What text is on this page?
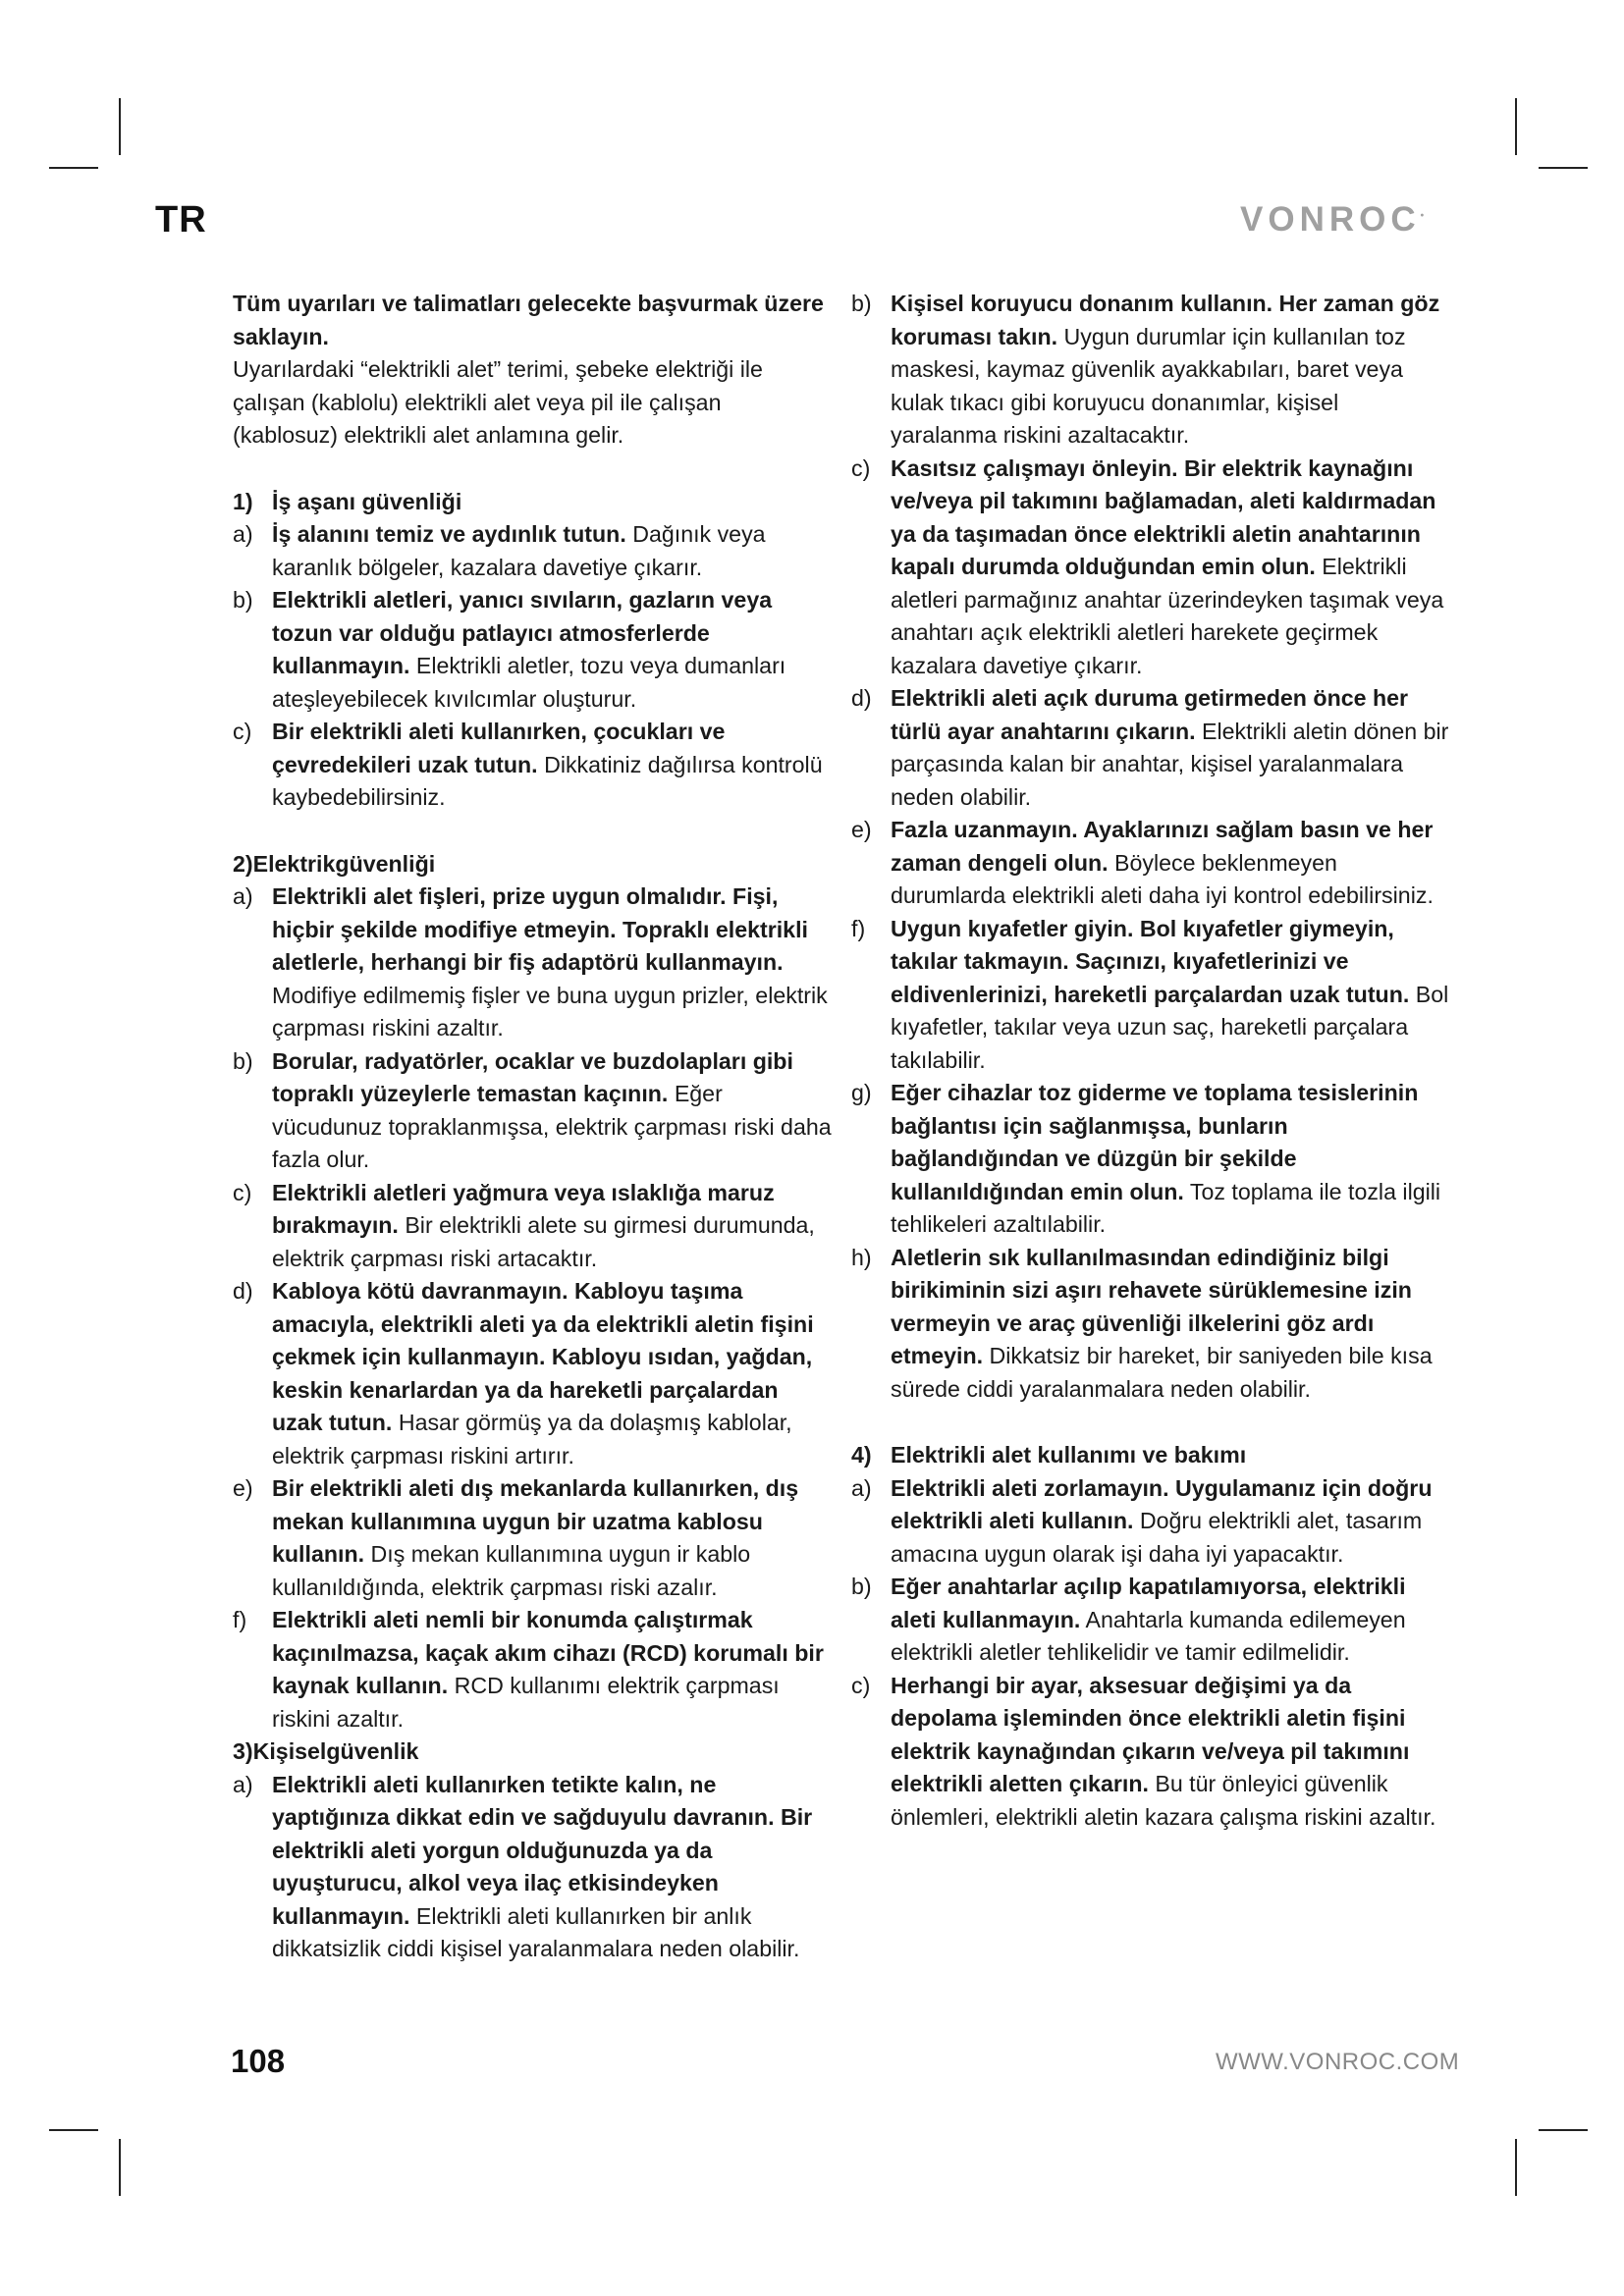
TR	VONROC•

Tüm uyarıları ve talimatları gelecekte başvurmak üzere saklayın.

Uyarılardaki “elektrikli alet” terimi, şebeke elektriği ile çalışan (kablolu) elektrikli alet veya pil ile çalışan (kablosuz) elektrikli alet anlamına gelir.

1) İş aşanı güvenliği
a) İş alanını temiz ve aydınlık tutun. Dağınık veya karanlık bölgeler, kazalara davetiye çıkarır.
b) Elektrikli aletleri, yanıcı sıvıların, gazların veya tozun var olduğu patlayıcı atmosferlerde kullanmayın. Elektrikli aletler, tozu veya dumanları ateşleyebilecek kıvılcımlar oluşturur.
c) Bir elektrikli aleti kullanırken, çocukları ve çevredekileri uzak tutun. Dikkatiniz dağılırsa kontrolü kaybedebilirsiniz.
2)Elektrikgüvenliği
a) Elektrikli alet fişleri, prize uygun olmalıdır. Fişi, hiçbir şekilde modifiye etmeyin. Topraklı elektrikli aletlerle, herhangi bir fiş adaptörü kullanmayın. Modifiye edilmemiş fişler ve buna uygun prizler, elektrik çarpması riskini azaltır.
b) Borular, radyatörler, ocaklar ve buzdolapları gibi topraklı yüzeylerle temastan kaçının. Eğer vücudunuz topraklanmışsa, elektrik çarpması riski daha fazla olur.
c) Elektrikli aletleri yağmura veya ıslaklığa maruz bırakmayın. Bir elektrikli alete su girmesi durumunda, elektrik çarpması riski artacaktır.
d) Kabloya kötü davranmayın. Kabloyu taşıma amacıyla, elektrikli aleti ya da elektrikli aletin fişini çekmek için kullanmayın. Kabloyu ısıdan, yağdan, keskin kenarlardan ya da hareketli parçalardan uzak tutun. Hasar görmüş ya da dolaşmış kablolar, elektrik çarpması riskini artırır.
e) Bir elektrikli aleti dış mekanlarda kullanırken, dış mekan kullanımına uygun bir uzatma kablosu kullanın. Dış mekan kullanımına uygun ir kablo kullanıldığında, elektrik çarpması riski azalır.
f)	Elektrikli aleti nemli bir konumda çalıştırmak kaçınılmazsa, kaçak akım cihazı (RCD) korumalı bir kaynak kullanın. RCD kullanımı elektrik çarpması riskini azaltır.
3)Kişiselgüvenlik
a) Elektrikli aleti kullanırken tetikte kalın, ne yaptığınıza dikkat edin ve sağduyulu davranın. Bir elektrikli aleti yorgun olduğunuzda ya da uyuşturucu, alkol veya ilaç etkisindeyken kullanmayın. Elektrikli aleti kullanırken bir anlık dikkatsizlik ciddi kişisel yaralanmalara neden olabilir.
b) Kişisel koruyucu donanım kullanın. Her zaman göz koruması takın. Uygun durumlar için kullanılan toz maskesi, kaymaz güvenlik ayakkabıları, baret veya kulak tıkacı gibi koruyucu donanımlar, kişisel yaralanma riskini azaltacaktır.
c) Kasıtsız çalışmayı önleyin. Bir elektrik kaynağını ve/veya pil takımını bağlamadan, aleti kaldırmadan ya da taşımadan önce elektrikli aletin anahtarının kapalı durumda olduğundan emin olun. Elektrikli aletleri parmağınız anahtar üzerindeyken taşımak veya anahtarı açık elektrikli aletleri harekete geçirmek kazalara davetiye çıkarır.
d) Elektrikli aleti açık duruma getirmeden önce her türlü ayar anahtarını çıkarın. Elektrikli aletin dönen bir parçasında kalan bir anahtar, kişisel yaralanmalara neden olabilir.
e) Fazla uzanmayın. Ayaklarınızı sağlam basın ve her zaman dengeli olun. Böylece beklenmeyen durumlarda elektrikli aleti daha iyi kontrol edebilirsiniz.
f)	Uygun kıyafetler giyin. Bol kıyafetler giymeyin, takılar takmayın. Saçınızı, kıyafetlerinizi ve eldivenlerinizi, hareketli parçalardan uzak tutun. Bol kıyafetler, takılar veya uzun saç, hareketli parçalara takılabilir.
g) Eğer cihazlar toz giderme ve toplama tesislerinin bağlantısı için sağlanmışsa, bunların bağlandığından ve düzgün bir şekilde kullanıldığından emin olun. Toz toplama ile tozla ilgili tehlikeleri azaltılabilir.
h) Aletlerin sık kullanılmasından edindiğiniz bilgi birikiminin sizi aşırı rehavete sürüklemesine izin vermeyin ve araç güvenliği ilkelerini göz ardı etmeyin. Dikkatsiz bir hareket, bir saniyeden bile kısa sürede ciddi yaralanmalara neden olabilir.
4) Elektrikli alet kullanımı ve bakımı
a) Elektrikli aleti zorlamayın. Uygulamanız için doğru elektrikli aleti kullanın. Doğru elektrikli alet, tasarım amacına uygun olarak işi daha iyi yapacaktır.
b) Eğer anahtarlar açılıp kapatılamıyorsa, elektrikli aleti kullanmayın. Anahtarla kumanda edilemeyen elektrikli aletler tehlikelidir ve tamir edilmelidir.
c) Herhangi bir ayar, aksesuar değişimi ya da depolama işleminden önce elektrikli aletin fişini elektrik kaynağından çıkarın ve/veya pil takımını elektrikli aletten çıkarın. Bu tür önleyici güvenlik önlemleri, elektrikli aletin kazara çalışma riskini azaltır.
108	WWW.VONROC.COM
